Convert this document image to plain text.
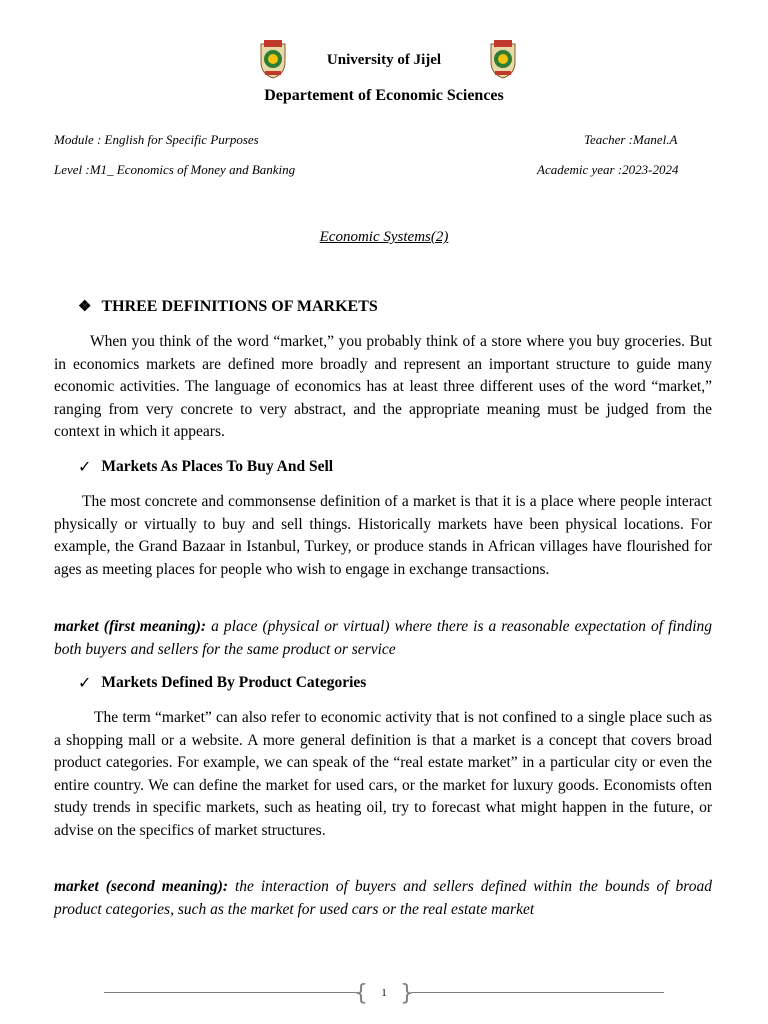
University of Jijel
Departement of Economic Sciences
Module : English for Specific Purposes	Teacher :Manel.A
Level :M1_ Economics of Money and Banking	Academic year :2023-2024
Economic Systems(2)
❖ THREE DEFINITIONS OF MARKETS
When you think of the word “market,” you probably think of a store where you buy groceries. But in economics markets are defined more broadly and represent an important structure to guide many economic activities. The language of economics has at least three different uses of the word “market,” ranging from very concrete to very abstract, and the appropriate meaning must be judged from the context in which it appears.
✓ Markets As Places To Buy And Sell
The most concrete and commonsense definition of a market is that it is a place where people interact physically or virtually to buy and sell things. Historically markets have been physical locations. For example, the Grand Bazaar in Istanbul, Turkey, or produce stands in African villages have flourished for ages as meeting places for people who wish to engage in exchange transactions.
market (first meaning): a place (physical or virtual) where there is a reasonable expectation of finding both buyers and sellers for the same product or service
✓ Markets Defined By Product Categories
The term “market” can also refer to economic activity that is not confined to a single place such as a shopping mall or a website. A more general definition is that a market is a concept that covers broad product categories. For example, we can speak of the “real estate market” in a particular city or even the entire country. We can define the market for used cars, or the market for luxury goods. Economists often study trends in specific markets, such as heating oil, try to forecast what might happen in the future, or advise on the specifics of market structures.
market (second meaning): the interaction of buyers and sellers defined within the bounds of broad product categories, such as the market for used cars or the real estate market
{ 1 }
